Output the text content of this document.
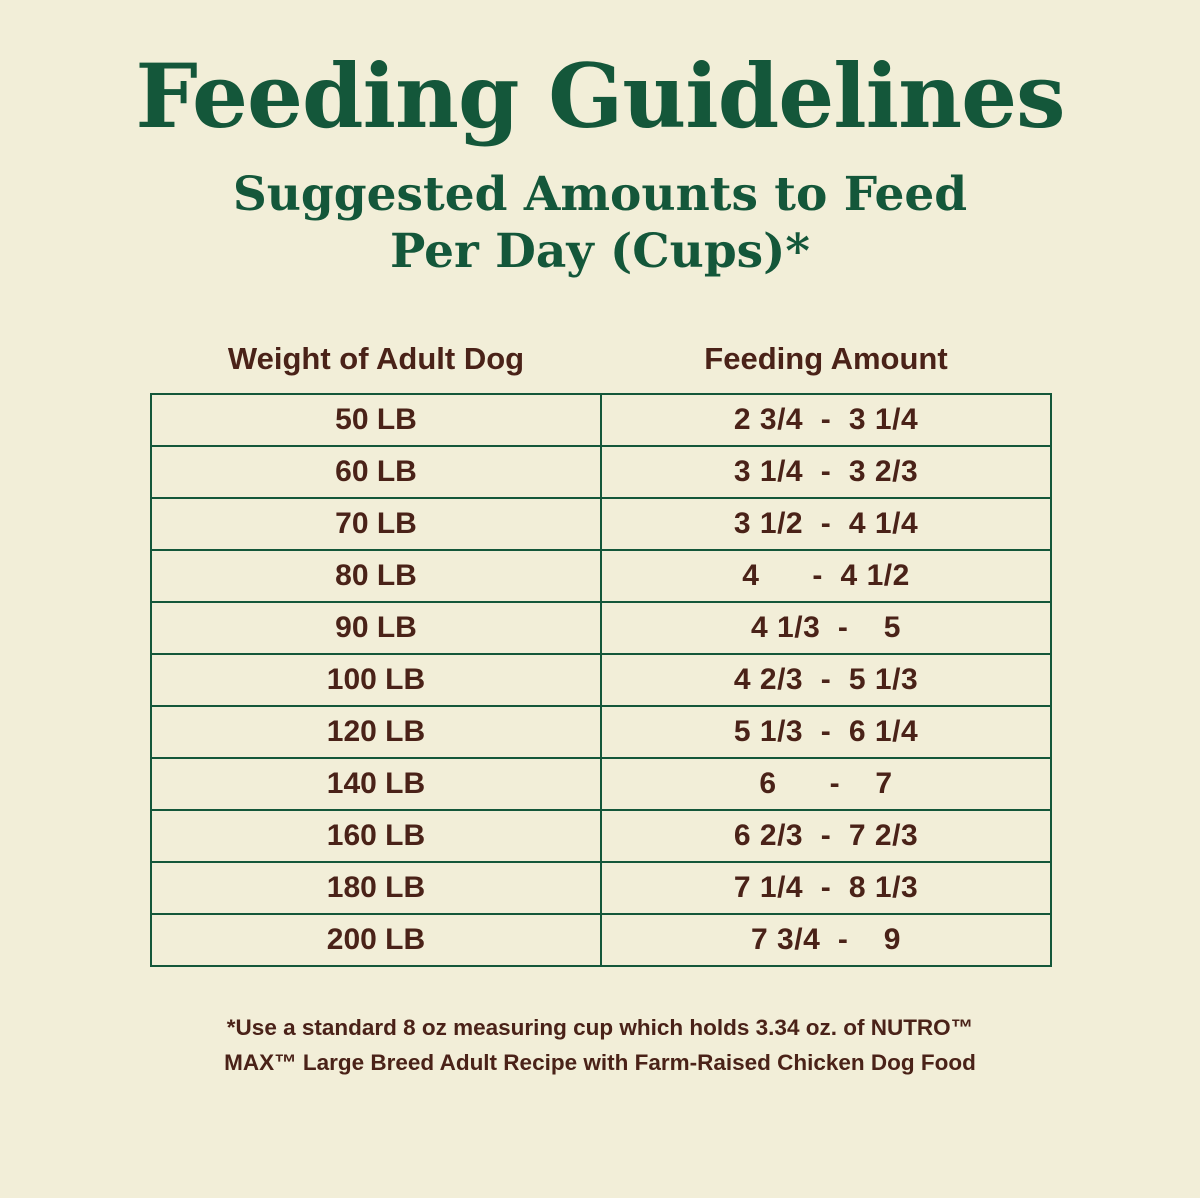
Feeding Guidelines
Suggested Amounts to Feed
Per Day (Cups)*
Weight of Adult Dog	Feeding Amount
50 LB	2 3/4  -  3 1/4
60 LB	3 1/4  -  3 2/3
70 LB	3 1/2  -  4 1/4
80 LB	4      -  4 1/2
90 LB	4 1/3  -    5
100 LB	4 2/3  -  5 1/3
120 LB	5 1/3  -  6 1/4
140 LB	6      -    7
160 LB	6 2/3  -  7 2/3
180 LB	7 1/4  -  8 1/3
200 LB	7 3/4  -    9
*Use a standard 8 oz measuring cup which holds 3.34 oz. of NUTRO™
MAX™ Large Breed Adult Recipe with Farm-Raised Chicken Dog Food
